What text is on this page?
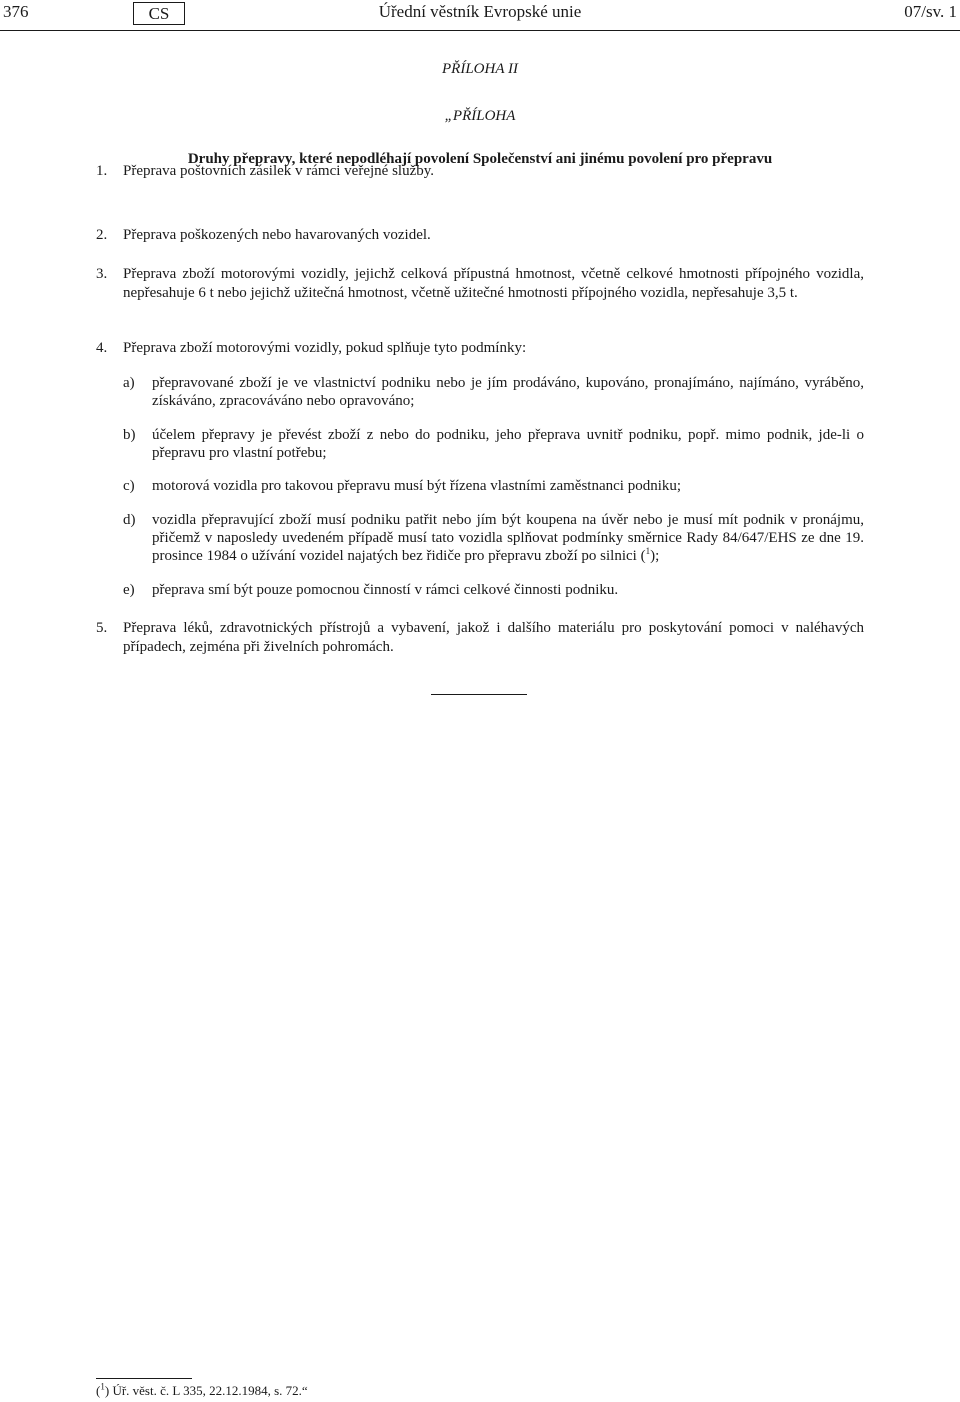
376	Úřední věstník Evropské unie
CS	07/sv. 1
PŘÍLOHA II
„PŘÍLOHA
Druhy přepravy, které nepodléhají povolení Společenství ani jinému povolení pro přepravu
1. Přeprava poštovních zásilek v rámci veřejné služby.
2. Přeprava poškozených nebo havarovaných vozidel.
3. Přeprava zboží motorovými vozidly, jejichž celková přípustná hmotnost, včetně celkové hmotnosti přípojného vozidla, nepřesahuje 6 t nebo jejichž užitečná hmotnost, včetně užitečné hmotnosti přípojného vozidla, nepřesahuje 3,5 t.
4. Přeprava zboží motorovými vozidly, pokud splňuje tyto podmínky:
a) přepravované zboží je ve vlastnictví podniku nebo je jím prodáváno, kupováno, pronajímáno, najímáno, vyráběno, získáváno, zpracováváno nebo opravováno;
b) účelem přepravy je převést zboží z nebo do podniku, jeho přeprava uvnitř podniku, popř. mimo podnik, jde-li o přepravu pro vlastní potřebu;
c) motorová vozidla pro takovou přepravu musí být řízena vlastními zaměstnanci podniku;
d) vozidla přepravující zboží musí podniku patřit nebo jím být koupena na úvěr nebo je musí mít podnik v pronájmu, přičemž v naposledy uvedeném případě musí tato vozidla splňovat podmínky směrnice Rady 84/647/EHS ze dne 19. prosince 1984 o užívání vozidel najatých bez řidiče pro přepravu zboží po silnici ($^1$);
e) přeprava smí být pouze pomocnou činností v rámci celkové činnosti podniku.
5. Přeprava léků, zdravotnických přístrojů a vybavení, jakož i dalšího materiálu pro poskytování pomoci v naléhavých případech, zejména při živelních pohromách.
($^1$) Úř. věst. č. L 335, 22.12.1984, s. 72.“
